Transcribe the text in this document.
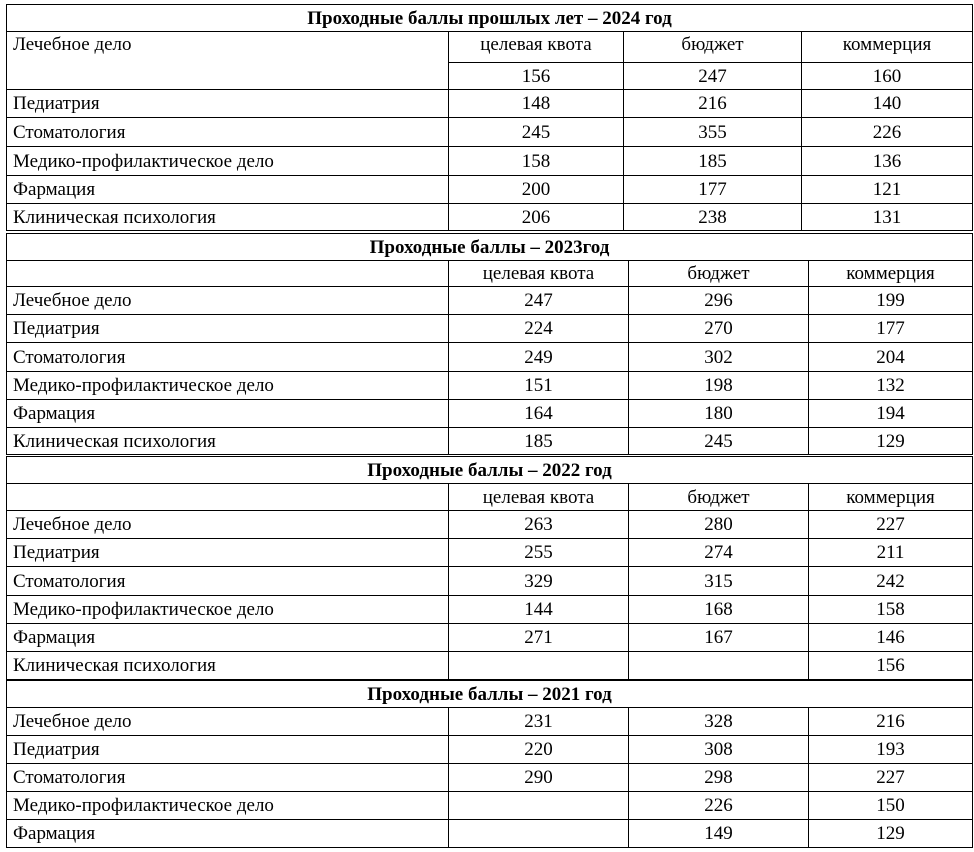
Проходные баллы прошлых лет – 2024 год			
Лечебное дело	целевая квота	бюджет	коммерция
	156	247	160
Педиатрия	148	216	140
Стоматология	245	355	226
Медико-профилактическое дело	158	185	136
Фармация	200	177	121
Клиническая психология	206	238	131
Проходные баллы – 2023год			
	целевая квота	бюджет	коммерция
Лечебное дело	247	296	199
Педиатрия	224	270	177
Стоматология	249	302	204
Медико-профилактическое дело	151	198	132
Фармация	164	180	194
Клиническая психология	185	245	129
Проходные баллы – 2022 год			
	целевая квота	бюджет	коммерция
Лечебное дело	263	280	227
Педиатрия	255	274	211
Стоматология	329	315	242
Медико-профилактическое дело	144	168	158
Фармация	271	167	146
Клиническая психология			156
Проходные баллы – 2021 год			
Лечебное дело	231	328	216
Педиатрия	220	308	193
Стоматология	290	298	227
Медико-профилактическое дело		226	150
Фармация		149	129
